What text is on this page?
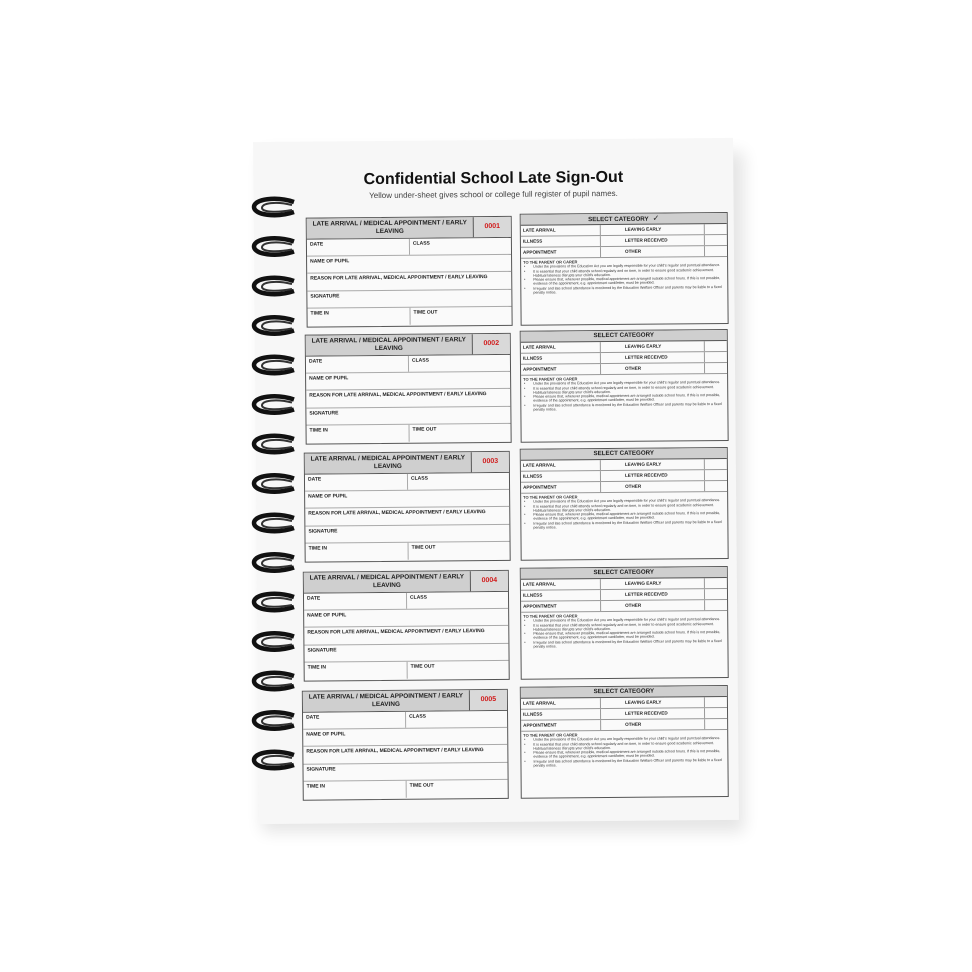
Confidential School Late Sign-Out
Yellow under-sheet gives school or college full register of pupil names.
LATE ARRIVAL / MEDICAL APPOINTMENT / EARLY LEAVING
0001
DATE	CLASS
NAME OF PUPIL
REASON FOR LATE ARRIVAL, MEDICAL APPOINTMENT / EARLY LEAVING
SIGNATURE
TIME IN	TIME OUT
SELECT CATEGORY ✓
LATE ARRIVAL	LEAVING EARLY
ILLNESS	LETTER RECEIVED
APPOINTMENT	OTHER
TO THE PARENT OR CARER
• Under the provisions of the Education Act you are legally responsible for your child's regular and punctual attendance.
• It is essential that your child attends school regularly and on time, in order to ensure good academic achievement. Habitual lateness disrupts your child's education.
• Please ensure that, wherever possible, medical appointment are arranged outside school hours. If this is not possible, evidence of the appointment, e.g. appointment card/letter, must be provided.
• Irregular and late school attendance is monitored by the Education Welfare Officer and parents may be liable to a fixed penalty notice.
LATE ARRIVAL / MEDICAL APPOINTMENT / EARLY LEAVING
0002
DATE	CLASS
NAME OF PUPIL
REASON FOR LATE ARRIVAL, MEDICAL APPOINTMENT / EARLY LEAVING
SIGNATURE
TIME IN	TIME OUT
SELECT CATEGORY
LATE ARRIVAL	LEAVING EARLY
ILLNESS	LETTER RECEIVED
APPOINTMENT	OTHER
TO THE PARENT OR CARER
• Under the provisions of the Education Act you are legally responsible for your child's regular and punctual attendance.
• It is essential that your child attends school regularly and on time, in order to ensure good academic achievement. Habitual lateness disrupts your child's education.
• Please ensure that, wherever possible, medical appointment are arranged outside school hours. If this is not possible, evidence of the appointment, e.g. appointment card/letter, must be provided.
• Irregular and late school attendance is monitored by the Education Welfare Officer and parents may be liable to a fixed penalty notice.
LATE ARRIVAL / MEDICAL APPOINTMENT / EARLY LEAVING
0003
DATE	CLASS
NAME OF PUPIL
REASON FOR LATE ARRIVAL, MEDICAL APPOINTMENT / EARLY LEAVING
SIGNATURE
TIME IN	TIME OUT
SELECT CATEGORY
LATE ARRIVAL	LEAVING EARLY
ILLNESS	LETTER RECEIVED
APPOINTMENT	OTHER
TO THE PARENT OR CARER
• Under the provisions of the Education Act you are legally responsible for your child's regular and punctual attendance.
• It is essential that your child attends school regularly and on time, in order to ensure good academic achievement. Habitual lateness disrupts your child's education.
• Please ensure that, wherever possible, medical appointment are arranged outside school hours. If this is not possible, evidence of the appointment, e.g. appointment card/letter, must be provided.
• Irregular and late school attendance is monitored by the Education Welfare Officer and parents may be liable to a fixed penalty notice.
LATE ARRIVAL / MEDICAL APPOINTMENT / EARLY LEAVING
0004
DATE	CLASS
NAME OF PUPIL
REASON FOR LATE ARRIVAL, MEDICAL APPOINTMENT / EARLY LEAVING
SIGNATURE
TIME IN	TIME OUT
SELECT CATEGORY
LATE ARRIVAL	LEAVING EARLY
ILLNESS	LETTER RECEIVED
APPOINTMENT	OTHER
TO THE PARENT OR CARER
• Under the provisions of the Education Act you are legally responsible for your child's regular and punctual attendance.
• It is essential that your child attends school regularly and on time, in order to ensure good academic achievement. Habitual lateness disrupts your child's education.
• Please ensure that, wherever possible, medical appointment are arranged outside school hours. If this is not possible, evidence of the appointment, e.g. appointment card/letter, must be provided.
• Irregular and late school attendance is monitored by the Education Welfare Officer and parents may be liable to a fixed penalty notice.
LATE ARRIVAL / MEDICAL APPOINTMENT / EARLY LEAVING
0005
DATE	CLASS
NAME OF PUPIL
REASON FOR LATE ARRIVAL, MEDICAL APPOINTMENT / EARLY LEAVING
SIGNATURE
TIME IN	TIME OUT
SELECT CATEGORY
LATE ARRIVAL	LEAVING EARLY
ILLNESS	LETTER RECEIVED
APPOINTMENT	OTHER
TO THE PARENT OR CARER
• Under the provisions of the Education Act you are legally responsible for your child's regular and punctual attendance.
• It is essential that your child attends school regularly and on time, in order to ensure good academic achievement. Habitual lateness disrupts your child's education.
• Please ensure that, wherever possible, medical appointment are arranged outside school hours. If this is not possible, evidence of the appointment, e.g. appointment card/letter, must be provided.
• Irregular and late school attendance is monitored by the Education Welfare Officer and parents may be liable to a fixed penalty notice.
